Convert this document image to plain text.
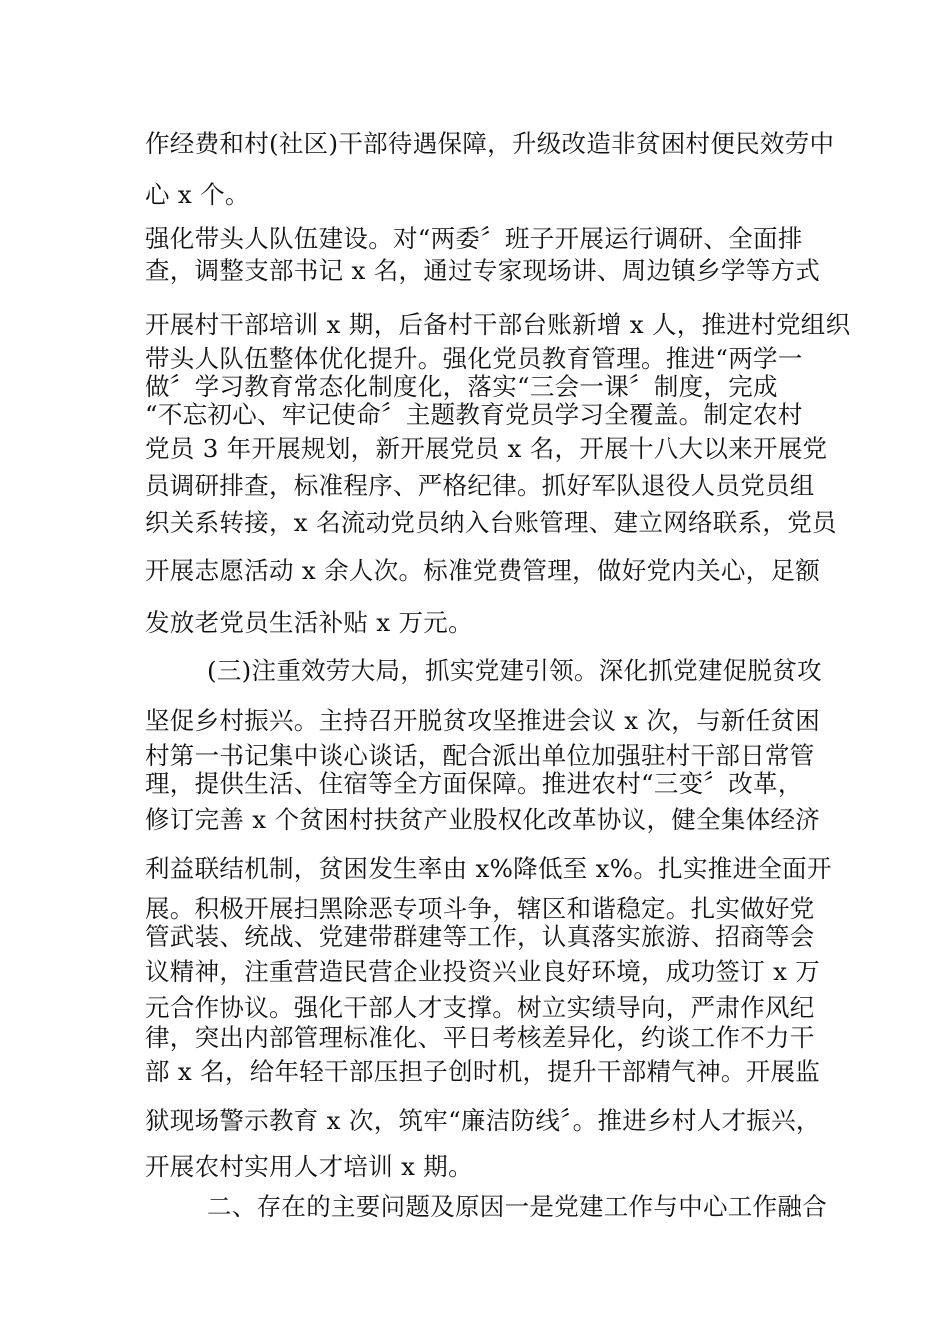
作经费和村(社区)干部待遇保障，升级改造非贫困村便民效劳中
心 x 个。
强化带头人队伍建设。对“两委〞班子开展运行调研、全面排
查，调整支部书记 x 名，通过专家现场讲、周边镇乡学等方式
开展村干部培训 x 期，后备村干部台账新增 x 人，推进村党组织
带头人队伍整体优化提升。强化党员教育管理。推进“两学一
做〞学习教育常态化制度化，落实“三会一课〞制度，完成
“不忘初心、牢记使命〞主题教育党员学习全覆盖。制定农村
党员 3 年开展规划，新开展党员 x 名，开展十八大以来开展党
员调研排查，标准程序、严格纪律。抓好军队退役人员党员组
织关系转接，x 名流动党员纳入台账管理、建立网络联系，党员
开展志愿活动 x 余人次。标准党费管理，做好党内关心，足额
发放老党员生活补贴 x 万元。
(三)注重效劳大局，抓实党建引领。深化抓党建促脱贫攻
坚促乡村振兴。主持召开脱贫攻坚推进会议 x 次，与新任贫困
村第一书记集中谈心谈话，配合派出单位加强驻村干部日常管
理，提供生活、住宿等全方面保障。推进农村“三变〞改革，
修订完善 x 个贫困村扶贫产业股权化改革协议，健全集体经济
利益联结机制，贫困发生率由 x%降低至 x%。扎实推进全面开
展。积极开展扫黑除恶专项斗争，辖区和谐稳定。扎实做好党
管武装、统战、党建带群建等工作，认真落实旅游、招商等会
议精神，注重营造民营企业投资兴业良好环境，成功签订 x 万
元合作协议。强化干部人才支撑。树立实绩导向，严肃作风纪
律，突出内部管理标准化、平日考核差异化，约谈工作不力干
部 x 名，给年轻干部压担子创时机，提升干部精气神。开展监
狱现场警示教育 x 次，筑牢“廉洁防线〞。推进乡村人才振兴，
开展农村实用人才培训 x 期。
二、存在的主要问题及原因一是党建工作与中心工作融合
